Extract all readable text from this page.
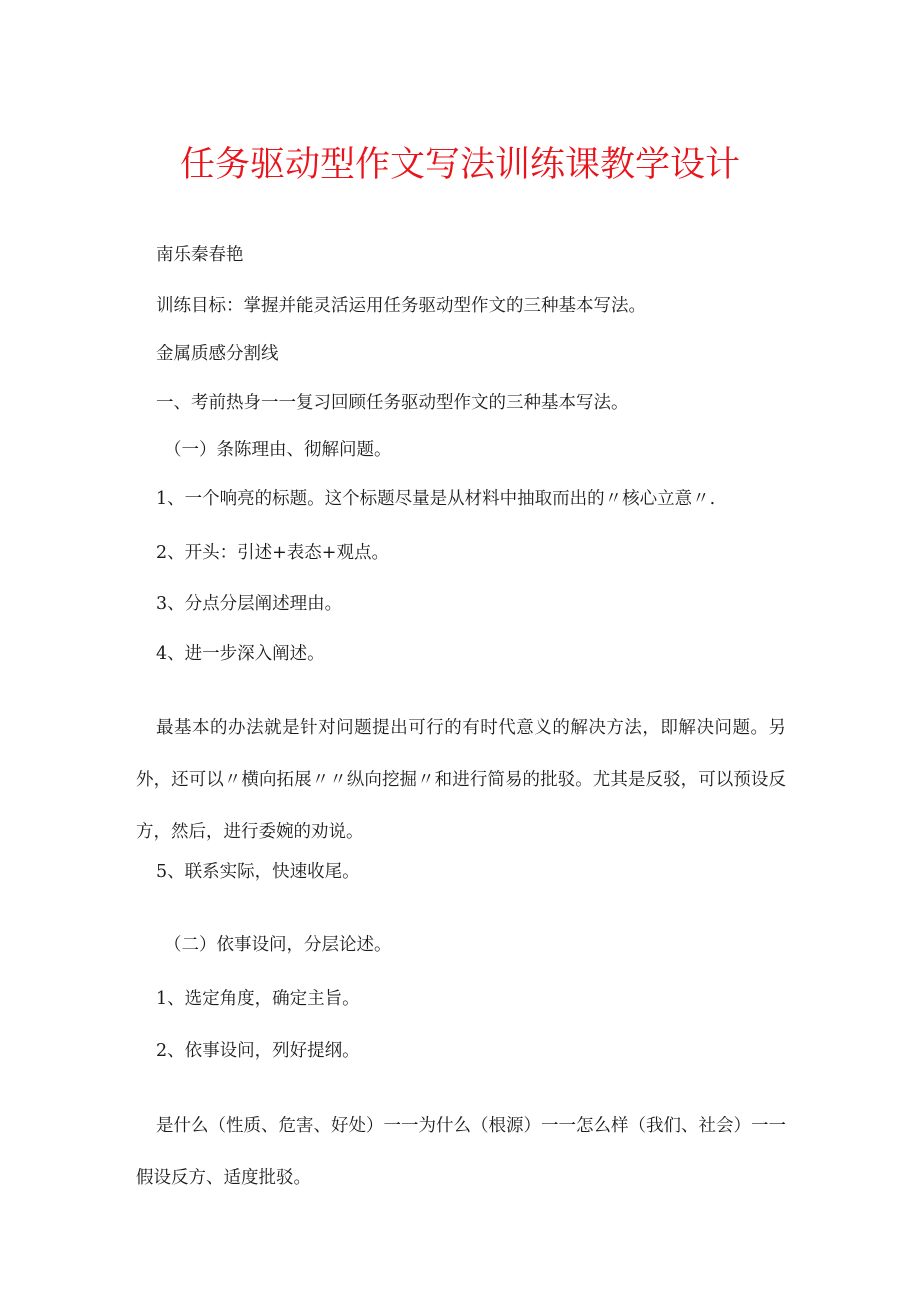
任务驱动型作文写法训练课教学设计
南乐秦春艳
训练目标：掌握并能灵活运用任务驱动型作文的三种基本写法。
金属质感分割线
一、考前热身一一复习回顾任务驱动型作文的三种基本写法。
（一）条陈理由、彻解问题。
1、一个响亮的标题。这个标题尽量是从材料中抽取而出的〃核心立意〃.
2、开头：引述+表态+观点。
3、分点分层阐述理由。
4、进一步深入阐述。
最基本的办法就是针对问题提出可行的有时代意义的解决方法，即解决问题。另外，还可以〃横向拓展〃〃纵向挖掘〃和进行简易的批驳。尤其是反驳，可以预设反方，然后，进行委婉的劝说。
5、联系实际，快速收尾。
（二）依事设问，分层论述。
1、选定角度，确定主旨。
2、依事设问，列好提纲。
是什么（性质、危害、好处）一一为什么（根源）一一怎么样（我们、社会）一一假设反方、适度批驳。
